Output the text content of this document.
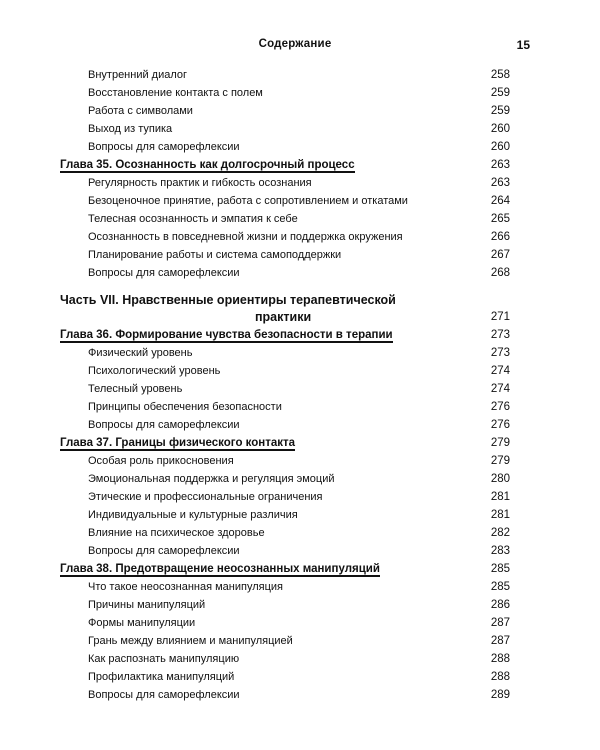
Содержание	15
Внутренний диалог	258
Восстановление контакта с полем	259
Работа с символами	259
Выход из тупика	260
Вопросы для саморефлексии	260
Глава 35. Осознанность как долгосрочный процесс	263
Регулярность практик и гибкость осознания	263
Безоценочное принятие, работа с сопротивлением и откатами	264
Телесная осознанность и эмпатия к себе	265
Осознанность в повседневной жизни и поддержка окружения	266
Планирование работы и система самоподдержки	267
Вопросы для саморефлексии	268
Часть VII. Нравственные ориентиры терапевтической
практики	271
Глава 36. Формирование чувства безопасности в терапии	273
Физический уровень	273
Психологический уровень	274
Телесный уровень	274
Принципы обеспечения безопасности	276
Вопросы для саморефлексии	276
Глава 37. Границы физического контакта	279
Особая роль прикосновения	279
Эмоциональная поддержка и регуляция эмоций	280
Этические и профессиональные ограничения	281
Индивидуальные и культурные различия	281
Влияние на психическое здоровье	282
Вопросы для саморефлексии	283
Глава 38. Предотвращение неосознанных манипуляций	285
Что такое неосознанная манипуляция	285
Причины манипуляций	286
Формы манипуляции	287
Грань между влиянием и манипуляцией	287
Как распознать манипуляцию	288
Профилактика манипуляций	288
Вопросы для саморефлексии	289
